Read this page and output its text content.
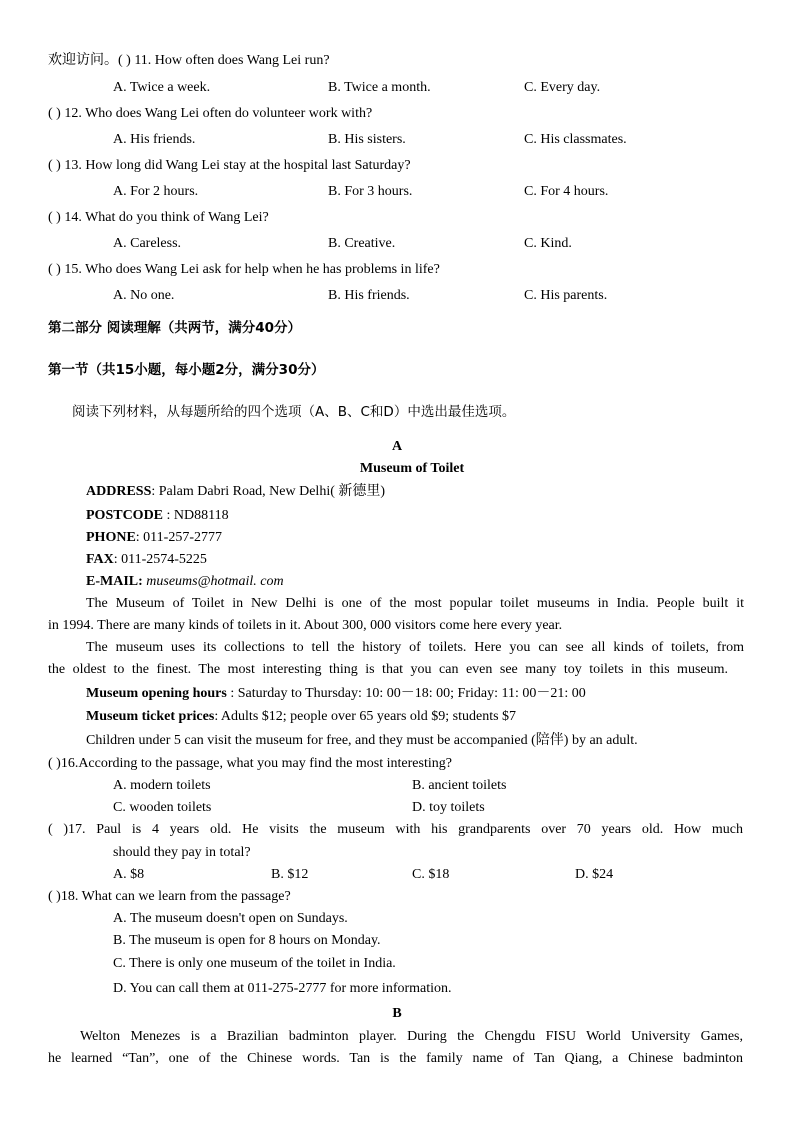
欢迎访问。( ) 11. How often does Wang Lei run?
A. Twice a week.	B. Twice a month.	C. Every day.
( ) 12. Who does Wang Lei often do volunteer work with?
A. His friends.	B. His sisters.	C. His classmates.
( ) 13. How long did Wang Lei stay at the hospital last Saturday?
A. For 2 hours.	B. For 3 hours.	C. For 4 hours.
( ) 14. What do you think of Wang Lei?
A. Careless.	B. Creative.	C. Kind.
( ) 15. Who does Wang Lei ask for help when he has problems in life?
A. No one.	B. His friends.	C. His parents.
第二部分 阅读理解（共两节，满分40分）
第一节（共15小题，每小题2分，满分30分）
阅读下列材料，从每题所给的四个选项（A、B、C和D）中选出最佳选项。
A
Museum of Toilet
ADDRESS: Palam Dabri Road, New Delhi( 新德里)
POSTCODE : ND88118
PHONE: 011-257-2777
FAX: 011-2574-5225
E-MAIL: museums@hotmail. com
The Museum of Toilet in New Delhi is one of the most popular toilet museums in India. People built it
in 1994. There are many kinds of toilets in it. About 300, 000 visitors come here every year.
The museum uses its collections to tell the history of toilets. Here you can see all kinds of toilets, from
the oldest to the finest. The most interesting thing is that you can even see many toy toilets in this museum.
Museum opening hours : Saturday to Thursday: 10: 00－18: 00; Friday: 11: 00－21: 00
Museum ticket prices: Adults $12; people over 65 years old $9; students $7
Children under 5 can visit the museum for free, and they must be accompanied (陪伴) by an adult.
( )16.According to the passage, what you may find the most interesting?
A. modern toilets	B. ancient toilets
C. wooden toilets	D. toy toilets
( )17. Paul is 4 years old. He visits the museum with his grandparents over 70 years old. How much
should they pay in total?
A. $8	B. $12	C. $18	D. $24
( )18. What can we learn from the passage?
A. The museum doesn't open on Sundays.
B. The museum is open for 8 hours on Monday.
C. There is only one museum of the toilet in India.
D. You can call them at 011-275-2777 for more information.
B
Welton Menezes is a Brazilian badminton player. During the Chengdu FISU World University Games,
he learned “Tan”, one of the Chinese words. Tan is the family name of Tan Qiang, a Chinese badminton
